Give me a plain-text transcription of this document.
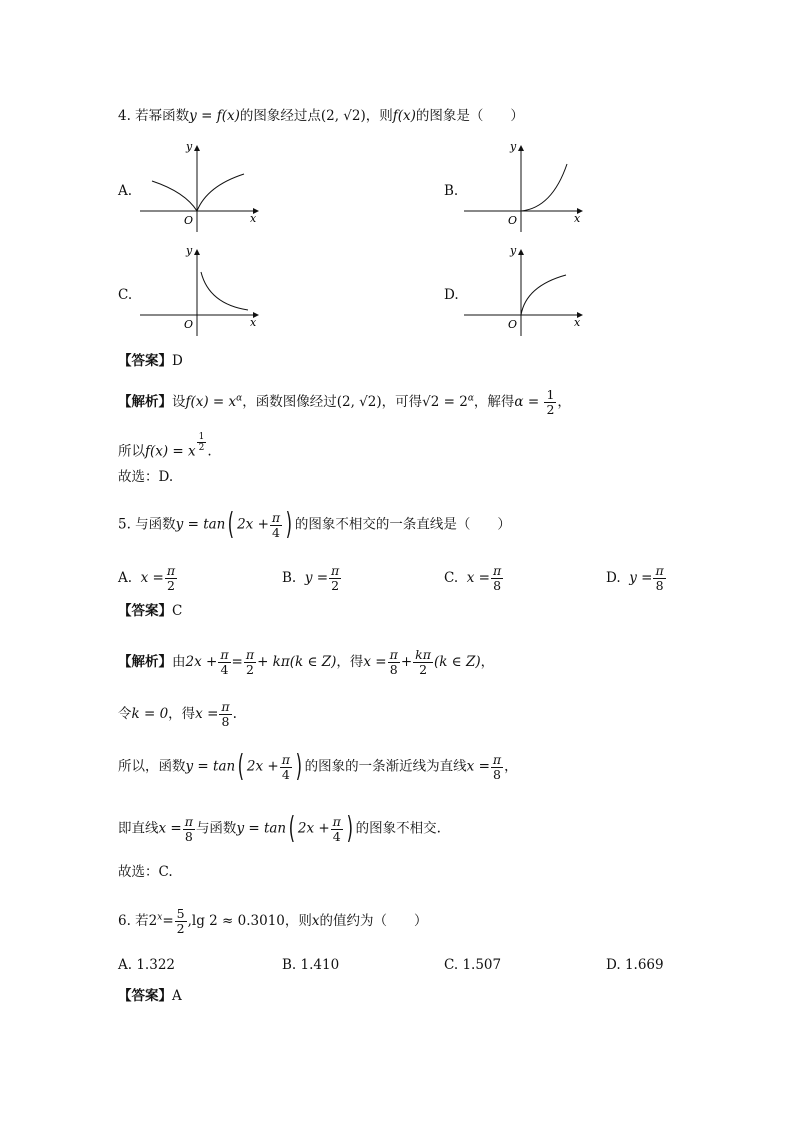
4. 若幂函数y = f(x)的图象经过点(2, √2)，则f(x)的图象是（　　）
A.	B.
C.	D.
y
x
O
y
x
O
y
x
O
y
x
O
【答案】D
【解析】设$f(x) = x^\alpha$，函数图像经过(2, √2)，可得$√2 = 2^\alpha$，解得$\alpha = \frac{1}{2}$ ，
所以f(x) = x $\frac{1}{2}$ .
故选：D.
5. 与函数y = tan( $2x + \frac{\pi}{4}$ ) 的图象不相交的一条直线是（　　）
A. $x = \frac{\pi}{2}$	B. $y = \frac{\pi}{2}$	C. $x = \frac{\pi}{8}$	D. $y = \frac{\pi}{8}$
【答案】C
【解析】由$2x + \frac{\pi}{4} = \frac{\pi}{2} + k\pi(k$ ∈ Z)，得$x = \frac{\pi}{8} + \frac{k\pi}{2} (k$ ∈ Z)，
令k = 0，得$x = \frac{\pi}{8}$ .
所以，函数y = tan( $2x + \frac{\pi}{4}$ ) 的图象的一条渐近线为直线$x = \frac{\pi}{8}$ ，
即直线$x = \frac{\pi}{8}$ 与函数y = tan( $2x + \frac{\pi}{4}$ ) 的图象不相交.
故选：C.
6. 若$2^x= \frac{5}{2} ,\lg$ 2 ≈ 0.3010，则x的值约为（　　）
A. 1.322	B. 1.410	C. 1.507	D. 1.669
【答案】A
